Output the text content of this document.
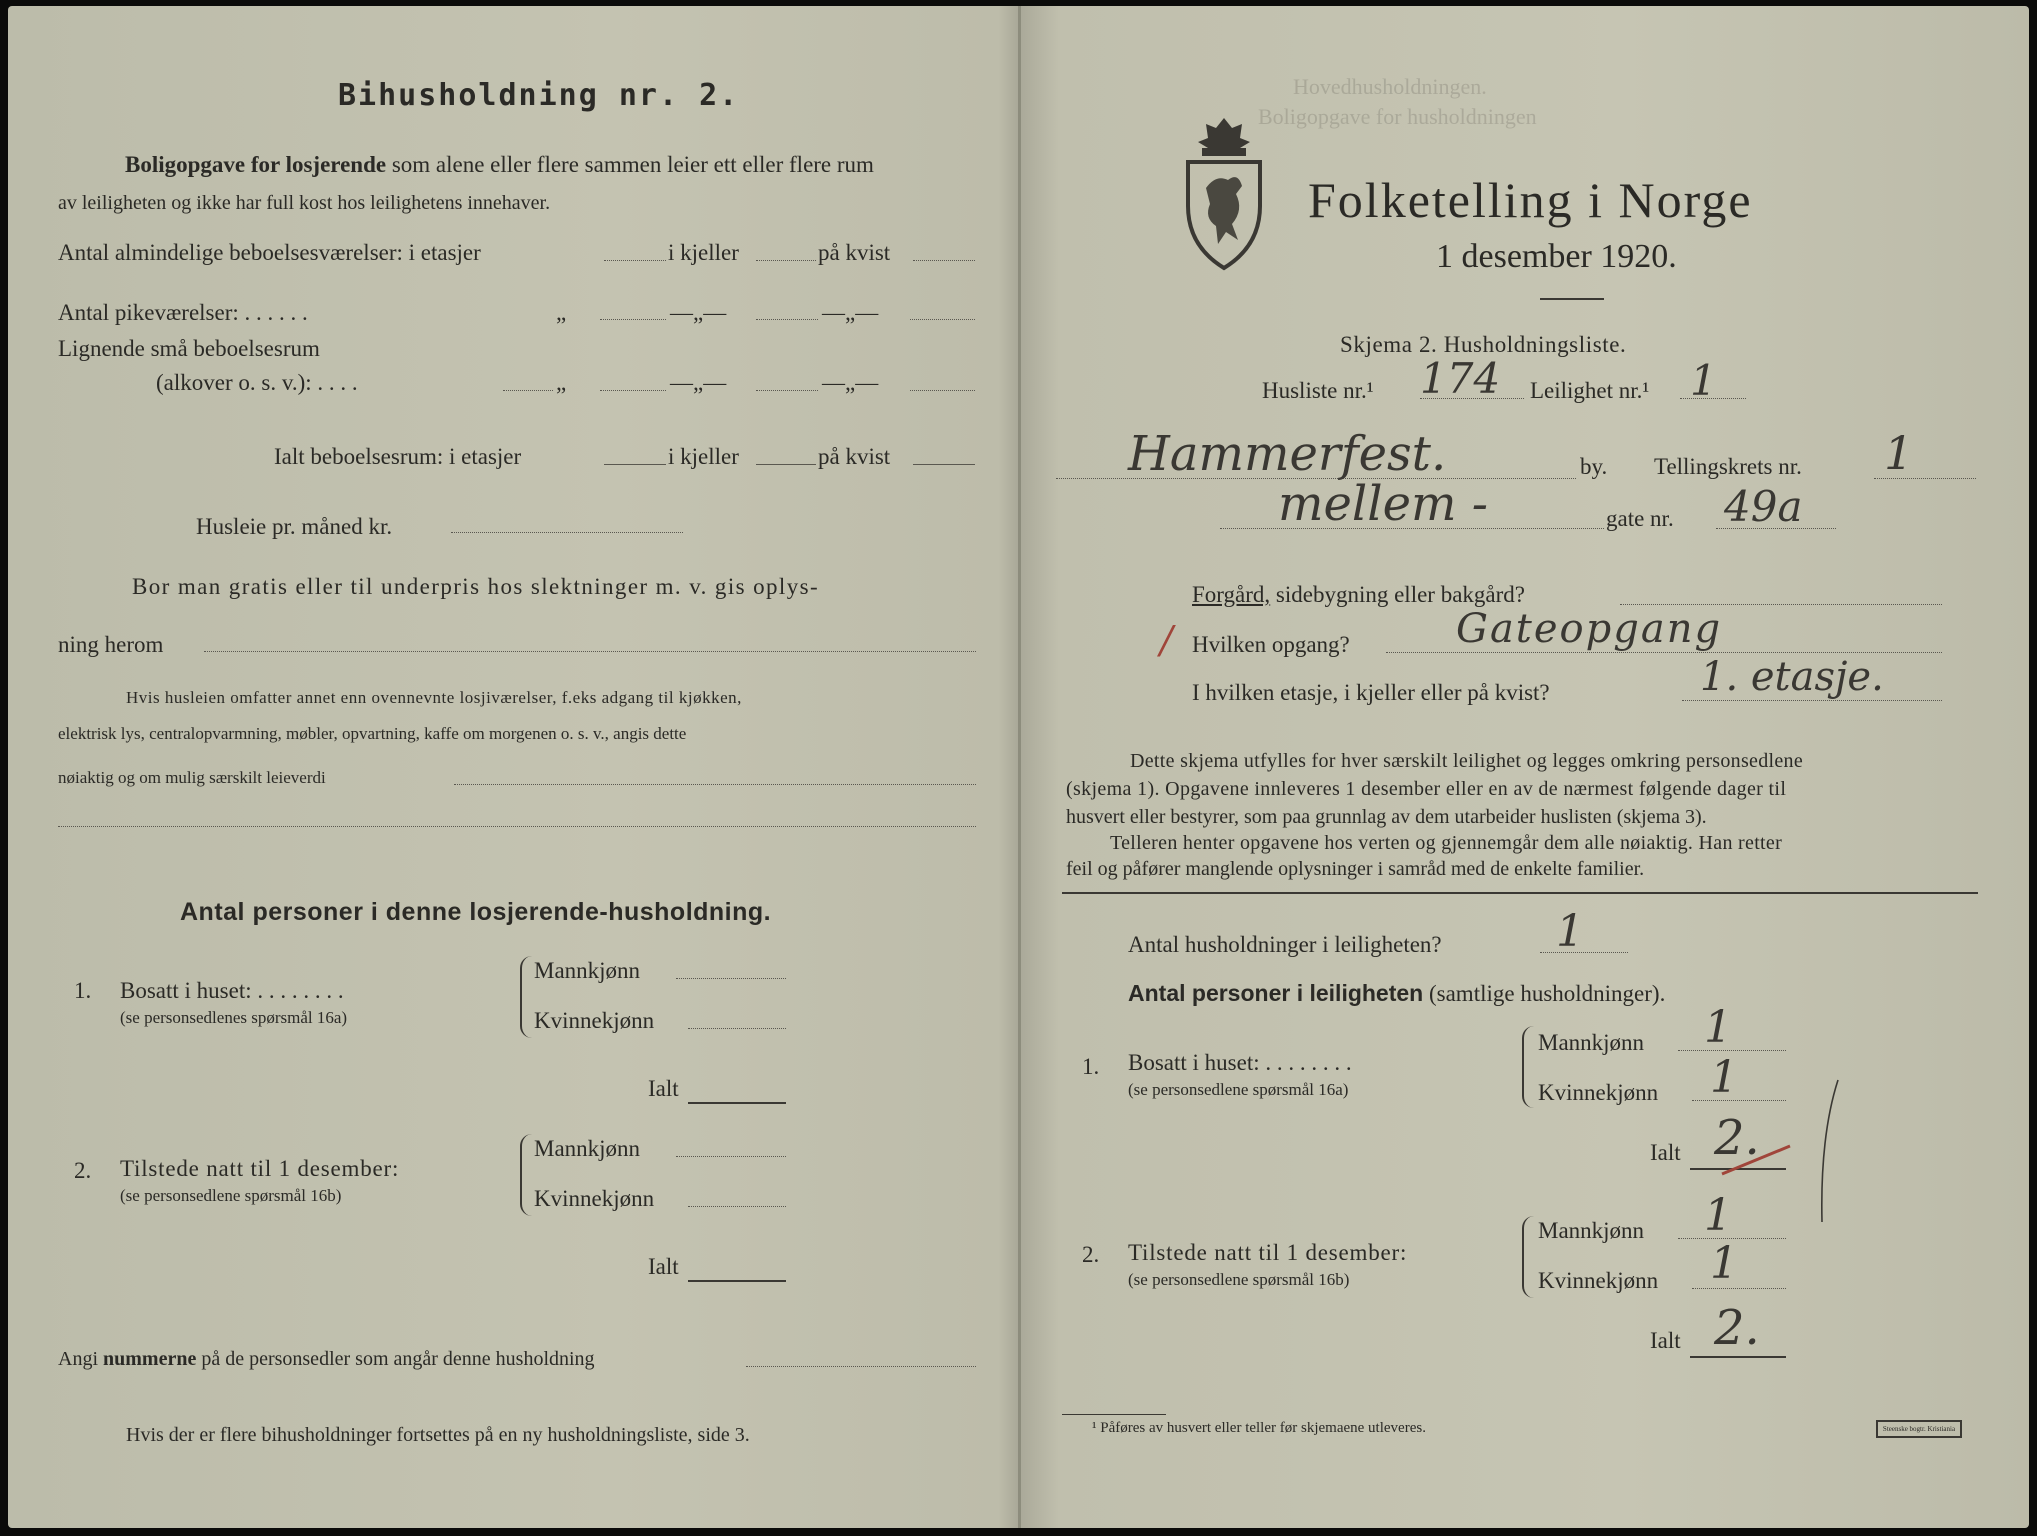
Bihusholdning nr. 2.
Boligopgave for losjerende som alene eller flere sammen leier ett eller flere rum
av leiligheten og ikke har full kost hos leilighetens innehaver.
Antal almindelige beboelsesværelser: i etasjer	i kjeller	på kvist
Antal pikeværelser: . . . . . .	„	—„—	—„—
Lignende små beboelsesrum
(alkover o. s. v.): . . . .	„	—„—	—„—
Ialt beboelsesrum: i etasjer	i kjeller	på kvist
Husleie pr. måned kr.
Bor man gratis eller til underpris hos slektninger m. v. gis oplys-
ning herom
Hvis husleien omfatter annet enn ovennevnte losjiværelser, f.eks adgang til kjøkken,
elektrisk lys, centralopvarmning, møbler, opvartning, kaffe om morgenen o. s. v., angis dette
nøiaktig og om mulig særskilt leieverdi
Antal personer i denne losjerende-husholdning.
1. Bosatt i huset: . . . . . . . .
(se personsedlenes spørsmål 16a)
Mannkjønn
Kvinnekjønn
Ialt
2. Tilstede natt til 1 desember:
(se personsedlene spørsmål 16b)
Mannkjønn
Kvinnekjønn
Ialt
Angi nummerne på de personsedler som angår denne husholdning
Hvis der er flere bihusholdninger fortsettes på en ny husholdningsliste, side 3.
Hovedhusholdningen.
Boligopgave for husholdningen
Folketelling i Norge
1 desember 1920.
Skjema 2. Husholdningsliste.
Husliste nr.¹ 174 Leilighet nr.¹ 1
Hammerfest.	by. Tellingskrets nr. 1
mellem -	gate nr. 49a
Forgård, sidebygning eller bakgård?
/ Hvilken opgang?	Gateopgang
I hvilken etasje, i kjeller eller på kvist?	1. etasje.
Dette skjema utfylles for hver særskilt leilighet og legges omkring personsedlene
(skjema 1). Opgavene innleveres 1 desember eller en av de nærmest følgende dager til
husvert eller bestyrer, som paa grunnlag av dem utarbeider huslisten (skjema 3).
Telleren henter opgavene hos verten og gjennemgår dem alle nøiaktig. Han retter
feil og påfører manglende oplysninger i samråd med de enkelte familier.
Antal husholdninger i leiligheten?	1
Antal personer i leiligheten (samtlige husholdninger).
1. Bosatt i huset: . . . . . . . .
(se personsedlene spørsmål 16a)
Mannkjønn 1
Kvinnekjønn 1
Ialt 2.
2. Tilstede natt til 1 desember:
(se personsedlene spørsmål 16b)
Mannkjønn 1
Kvinnekjønn 1
Ialt 2.
¹ Påføres av husvert eller teller før skjemaene utleveres.	Steenske bogtr. Kristiania
